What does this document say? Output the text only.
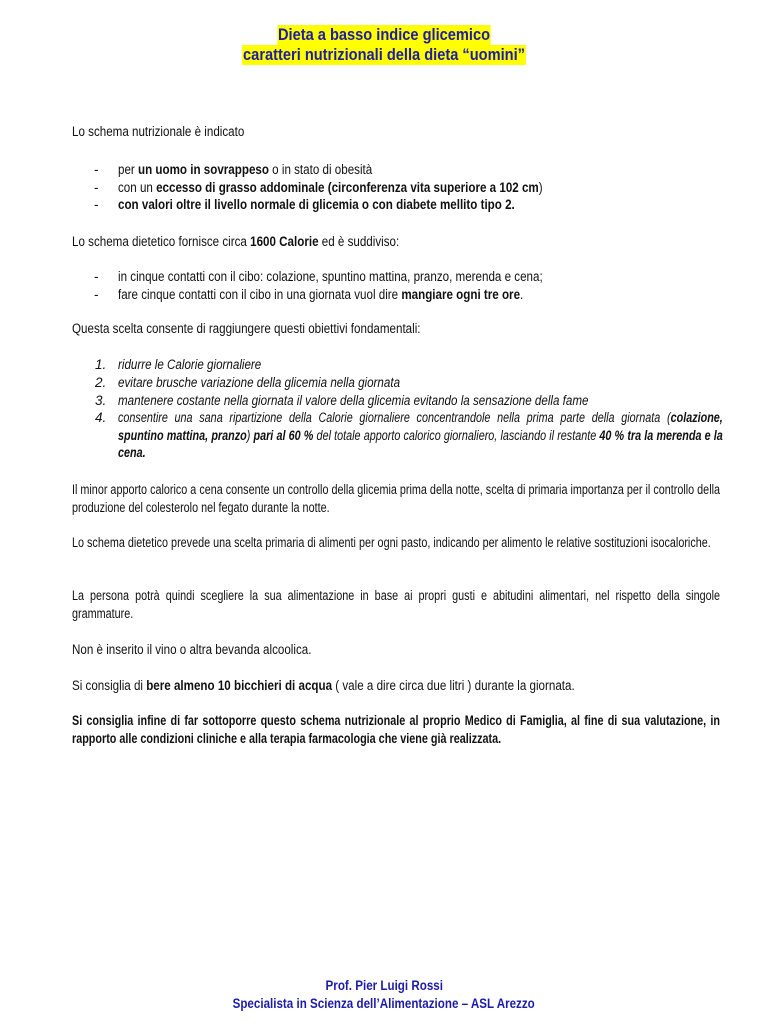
Dieta a basso indice glicemico
caratteri nutrizionali della dieta “uomini”
Lo schema nutrizionale è indicato
- per un uomo in sovrappeso o in stato di obesità
- con un eccesso di grasso addominale (circonferenza vita superiore a 102 cm)
- con valori oltre il livello normale di glicemia o con diabete mellito tipo 2.
Lo schema dietetico fornisce circa 1600 Calorie ed è suddiviso:
- in cinque contatti con il cibo: colazione, spuntino mattina, pranzo, merenda e cena;
- fare cinque contatti con il cibo in una giornata vuol dire mangiare ogni tre ore.
Questa scelta consente di raggiungere questi obiettivi fondamentali:
1. ridurre le Calorie giornaliere
2. evitare brusche variazione della glicemia nella giornata
3. mantenere costante nella giornata il valore della glicemia evitando la sensazione della fame
4. consentire una sana ripartizione della Calorie giornaliere concentrandole nella prima parte della giornata (colazione, spuntino mattina, pranzo) pari al 60 % del totale apporto calorico giornaliero, lasciando il restante 40 % tra la merenda e la cena.
Il minor apporto calorico a cena consente un controllo della glicemia prima della notte, scelta di primaria importanza per il controllo della produzione del colesterolo nel fegato durante la notte.
Lo schema dietetico prevede una scelta primaria di alimenti per ogni pasto, indicando per alimento le relative sostituzioni isocaloriche.
La persona potrà quindi scegliere la sua alimentazione in base ai propri gusti e abitudini alimentari, nel rispetto della singole grammature.
Non è inserito il vino o altra bevanda alcoolica.
Si consiglia di bere almeno 10 bicchieri di acqua ( vale a dire circa due litri ) durante la giornata.
Si consiglia infine di far sottoporre questo schema nutrizionale al proprio Medico di Famiglia, al fine di sua valutazione, in rapporto alle condizioni cliniche e alla terapia farmacologia che viene già realizzata.
Prof. Pier Luigi Rossi
Specialista in Scienza dell’Alimentazione – ASL Arezzo
